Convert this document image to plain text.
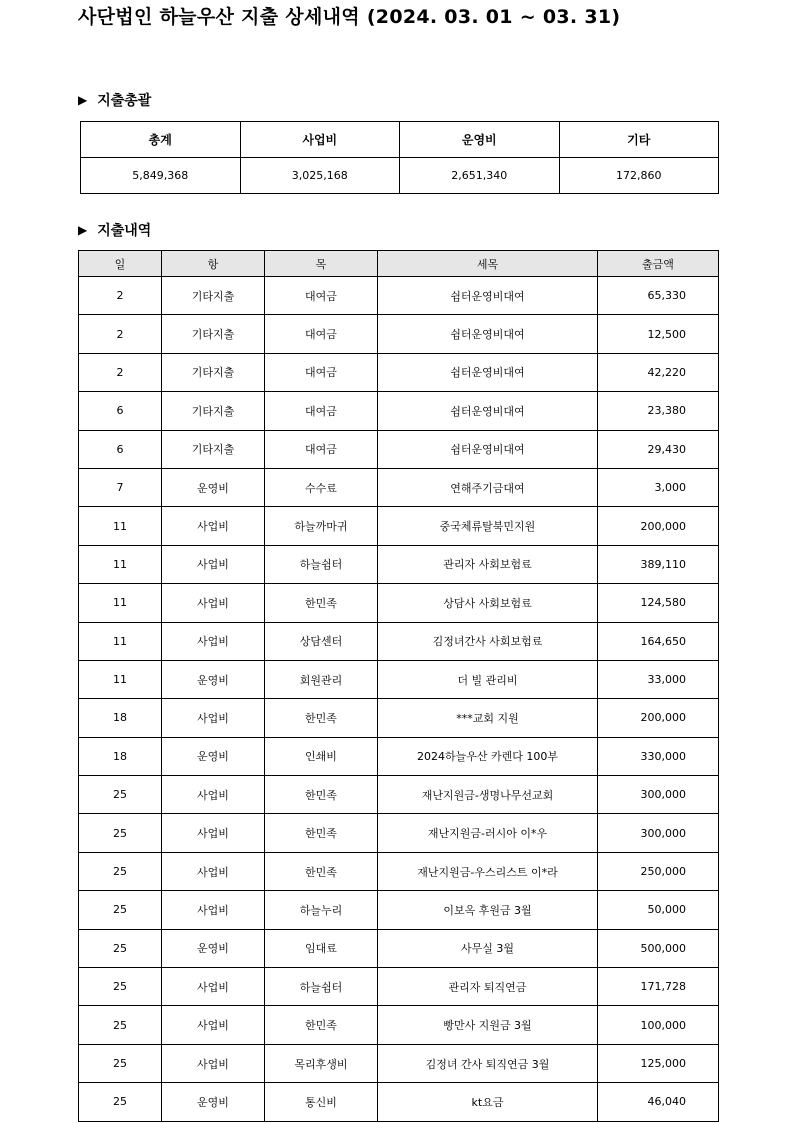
사단법인 하늘우산 지출 상세내역 (2024. 03. 01 ~ 03. 31)
▶ 지출총괄
총계	사업비	운영비	기타
5,849,368	3,025,168	2,651,340	172,860
▶ 지출내역
일	항	목	세목	출금액
2	기타지출	대여금	쉼터운영비대여	65,330
2	기타지출	대여금	쉼터운영비대여	12,500
2	기타지출	대여금	쉼터운영비대여	42,220
6	기타지출	대여금	쉼터운영비대여	23,380
6	기타지출	대여금	쉼터운영비대여	29,430
7	운영비	수수료	연해주기금대여	3,000
11	사업비	하늘까마귀	중국체류탈북민지원	200,000
11	사업비	하늘쉼터	관리자 사회보험료	389,110
11	사업비	한민족	상담사 사회보험료	124,580
11	사업비	상담센터	김정녀간사 사회보험료	164,650
11	운영비	회원관리	더 빌 관리비	33,000
18	사업비	한민족	***교회 지원	200,000
18	운영비	인쇄비	2024하늘우산 카렌다 100부	330,000
25	사업비	한민족	재난지원금-생명나무선교회	300,000
25	사업비	한민족	재난지원금-러시아 이*우	300,000
25	사업비	한민족	재난지원금-우스리스트 이*라	250,000
25	사업비	하늘누리	이보옥 후원금 3월	50,000
25	운영비	임대료	사무실 3월	500,000
25	사업비	하늘쉼터	관리자 퇴직연금	171,728
25	사업비	한민족	빵만사 지원금 3월	100,000
25	사업비	목리후생비	김정녀 간사 퇴직연금 3월	125,000
25	운영비	통신비	kt요금	46,040
